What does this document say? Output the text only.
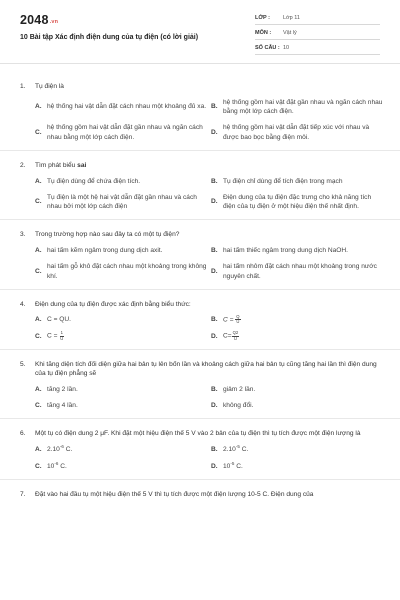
2048.vn
10 Bài tập Xác định điện dung của tụ điện (có lời giải)
LỚP : Lớp 11
MÔN : Vật lý
SỐ CÂU : 10
1.	Tụ điện là
A. hệ thống hai vật dẫn đặt cách nhau một khoảng đủ xa. B.
hệ thống gồm hai vật đặt gần nhau và ngăn cách nhau bằng một lớp cách điện.
C.
hệ thống gồm hai vật dẫn đặt gần nhau và ngăn cách nhau bằng một lớp cách điện.
D.
hệ thống gồm hai vật dẫn đặt tiếp xúc với nhau và được bao bọc bằng điện môi.
2.	Tìm phát biểu sai
A. Tụ điện dùng để chứa điện tích.	B. Tụ điện chỉ dùng để tích điện trong mạch
C.
Tụ điện là một hệ hai vật dẫn đặt gần nhau và cách nhau bởi một lớp cách điện
D.
Điện dung của tụ điện đặc trưng cho khả năng tích điện của tụ điện ở một hiệu điện thế nhất định.
3.	Trong trường hợp nào sau đây ta có một tụ điện?
A. hai tấm kẽm ngâm trong dung dịch axit.	B. hai tấm thiếc ngâm trong dung dịch NaOH.
C.
hai tấm gỗ khô đặt cách nhau một khoảng trong không khí.
D.
hai tấm nhôm đặt cách nhau một khoảng trong nước nguyên chất.
4.	Điện dung của tụ điện được xác định bằng biểu thức:
A. C = QU.	B. $C = \frac{Q}{U}$
C. $C = \frac{1}{U}$	D. $C= \frac{Q2}{U}$
5.	Khi tăng diện tích đối diện giữa hai bản tụ lên bốn lần và khoảng cách giữa hai bản tụ cũng tăng hai lần thì điện dung của tụ điện phẳng sẽ
A. tăng 2 lần.	B. giảm 2 lần.
C. tăng 4 lần.	D. không đổi.
6.	Một tụ có điện dung 2 μF. Khi đặt một hiệu điện thế 5 V vào 2 bản của tụ điện thì tụ tích được một điện lượng là
A. $2.10^{-6}$ C.	B. $2.10^{-5}$ C.
C. $10^{-6}$ C.	D. $10^{-5}$ C.
7.	Đặt vào hai đầu tụ một hiệu điện thế 5 V thì tụ tích được một điện lượng 10-5 C. Điện dung của
